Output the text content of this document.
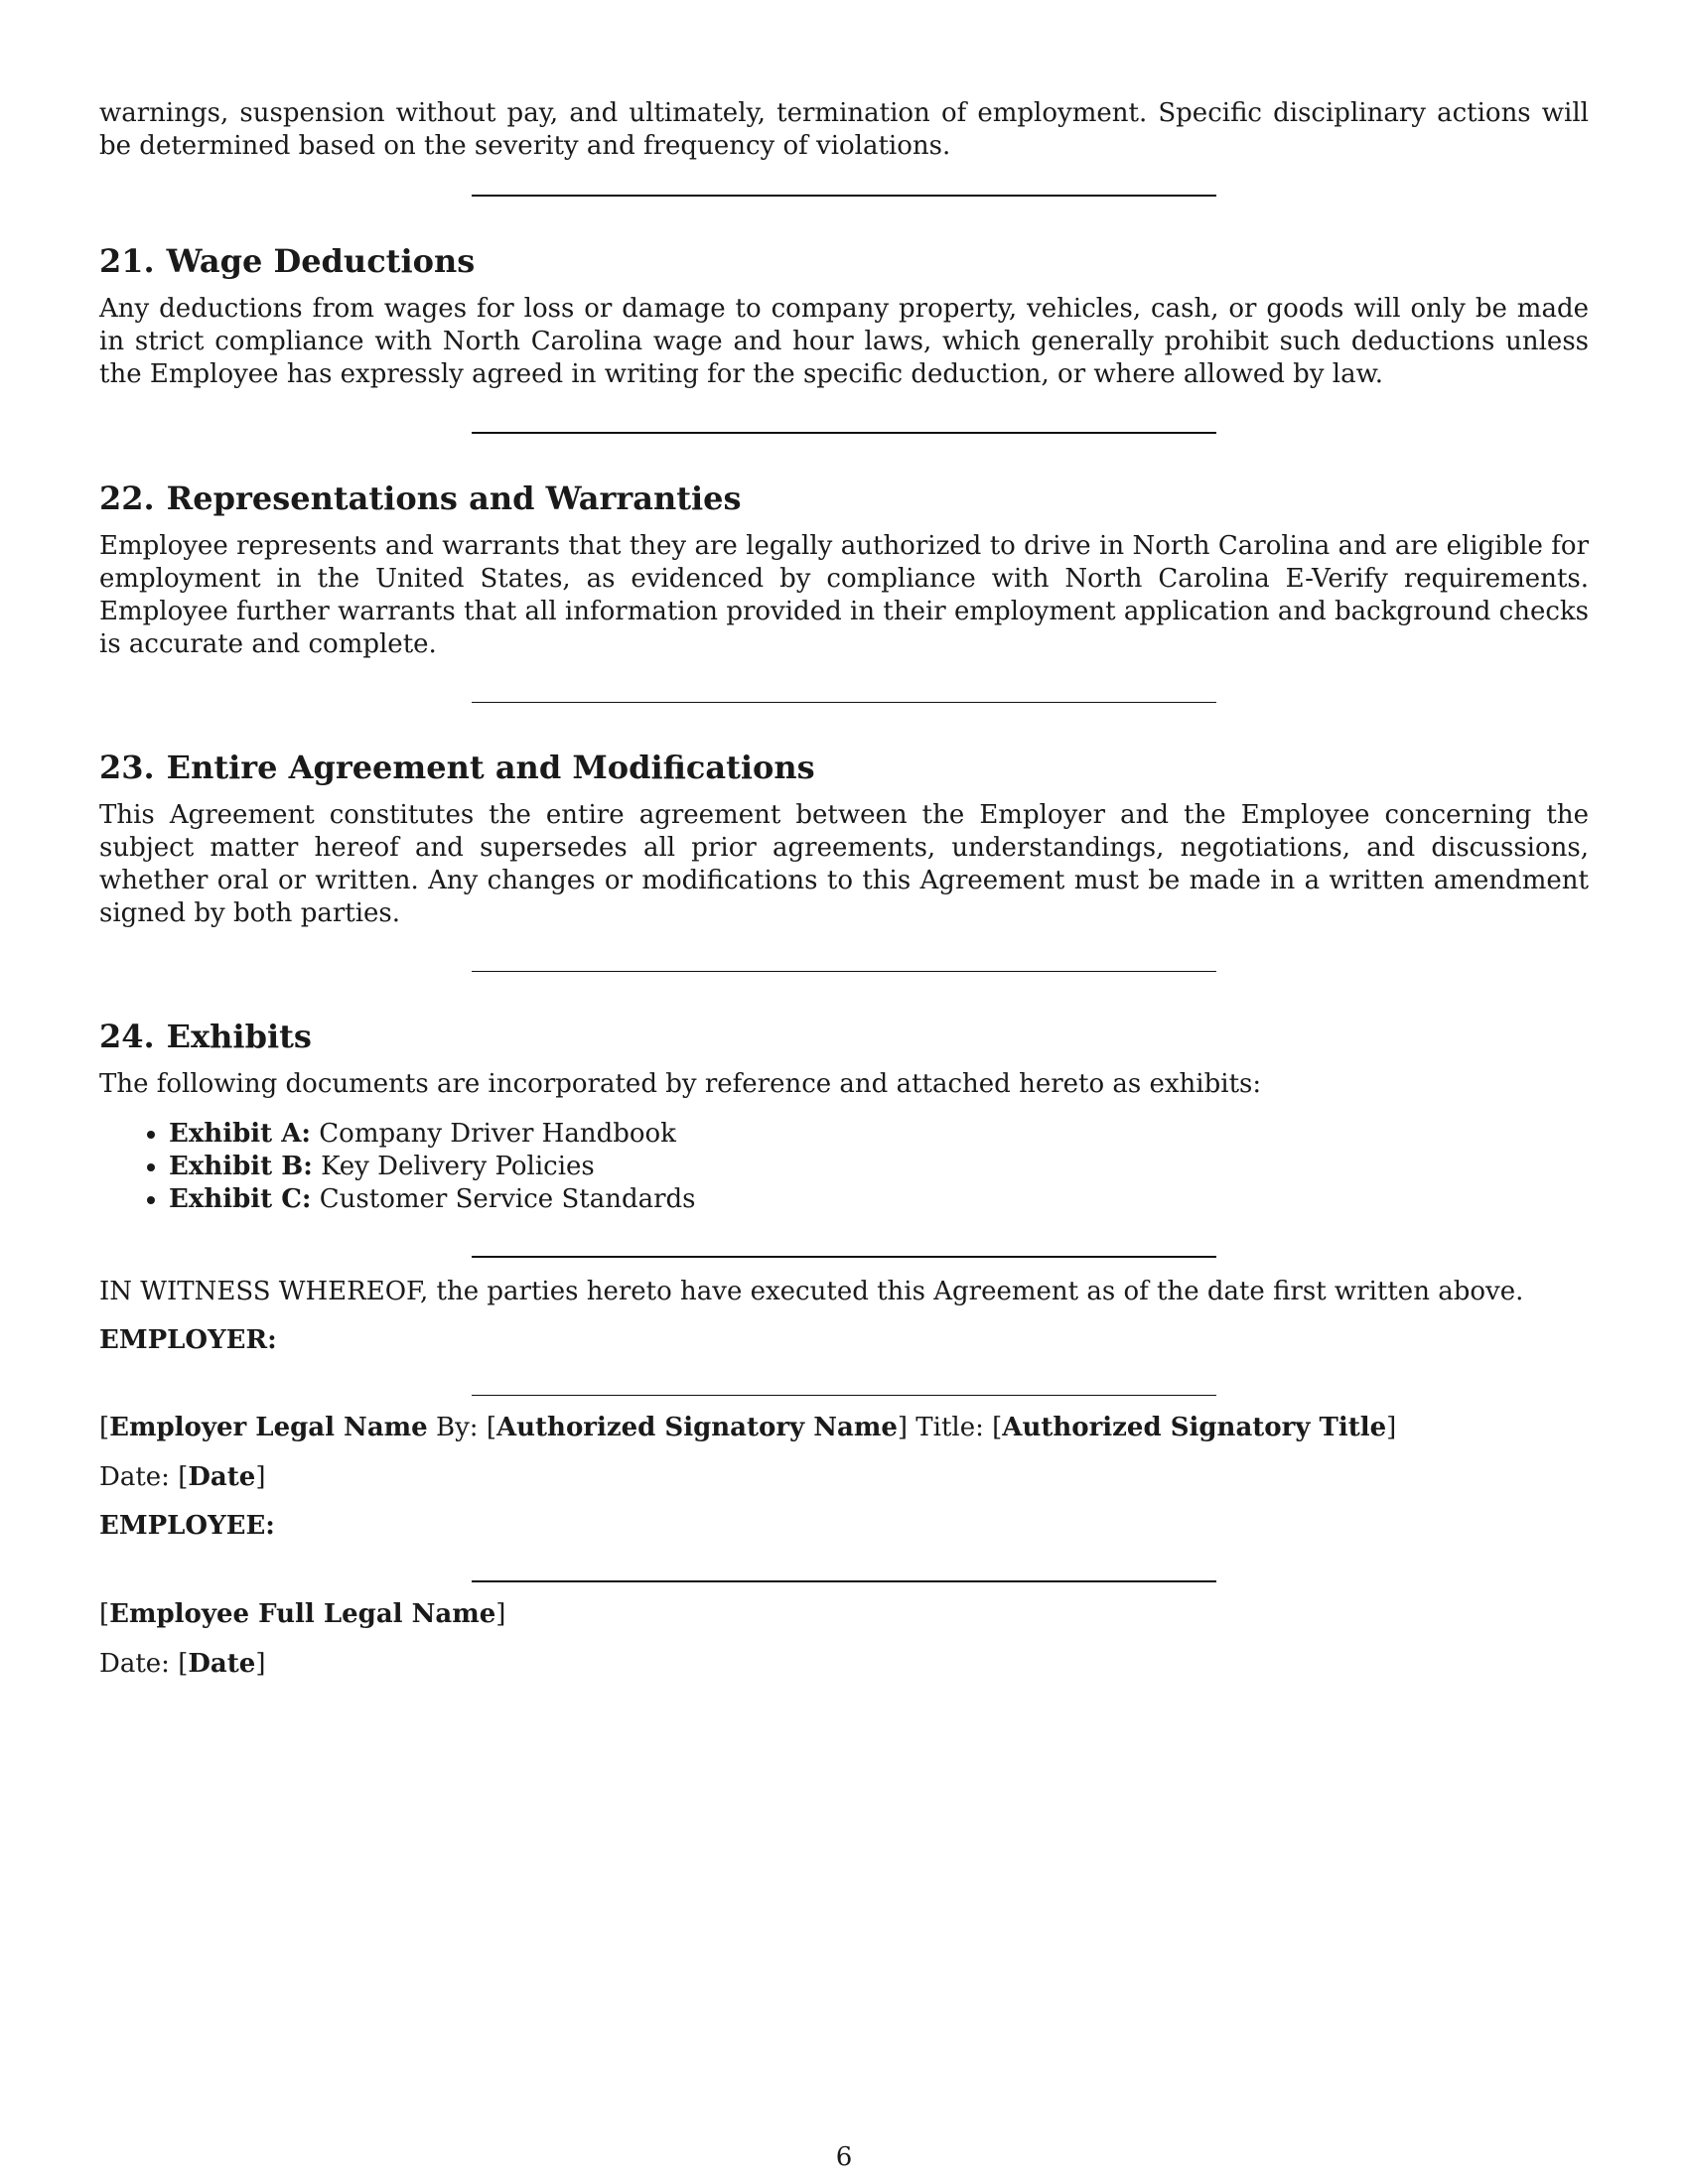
warnings, suspension without pay, and ultimately, termination of employment. Specific disciplinary actions will be determined based on the severity and frequency of violations.

21. Wage Deductions

Any deductions from wages for loss or damage to company property, vehicles, cash, or goods will only be made in strict compliance with North Carolina wage and hour laws, which generally prohibit such deductions unless the Employee has expressly agreed in writing for the specific deduction, or where allowed by law.

22. Representations and Warranties

Employee represents and warrants that they are legally authorized to drive in North Carolina and are eligible for employment in the United States, as evidenced by compliance with North Carolina E-Verify requirements. Employee further warrants that all information provided in their employment application and background checks is accurate and complete.

23. Entire Agreement and Modifications

This Agreement constitutes the entire agreement between the Employer and the Employee concerning the subject matter hereof and supersedes all prior agreements, understandings, negotiations, and discussions, whether oral or written. Any changes or modifications to this Agreement must be made in a written amendment signed by both parties.

24. Exhibits

The following documents are incorporated by reference and attached hereto as exhibits:

• Exhibit A: Company Driver Handbook
• Exhibit B: Key Delivery Policies
• Exhibit C: Customer Service Standards

IN WITNESS WHEREOF, the parties hereto have executed this Agreement as of the date first written above.

EMPLOYER:

[Employer Legal Name By: [Authorized Signatory Name] Title: [Authorized Signatory Title]

Date: [Date]

EMPLOYEE:

[Employee Full Legal Name]

Date: [Date]

6
